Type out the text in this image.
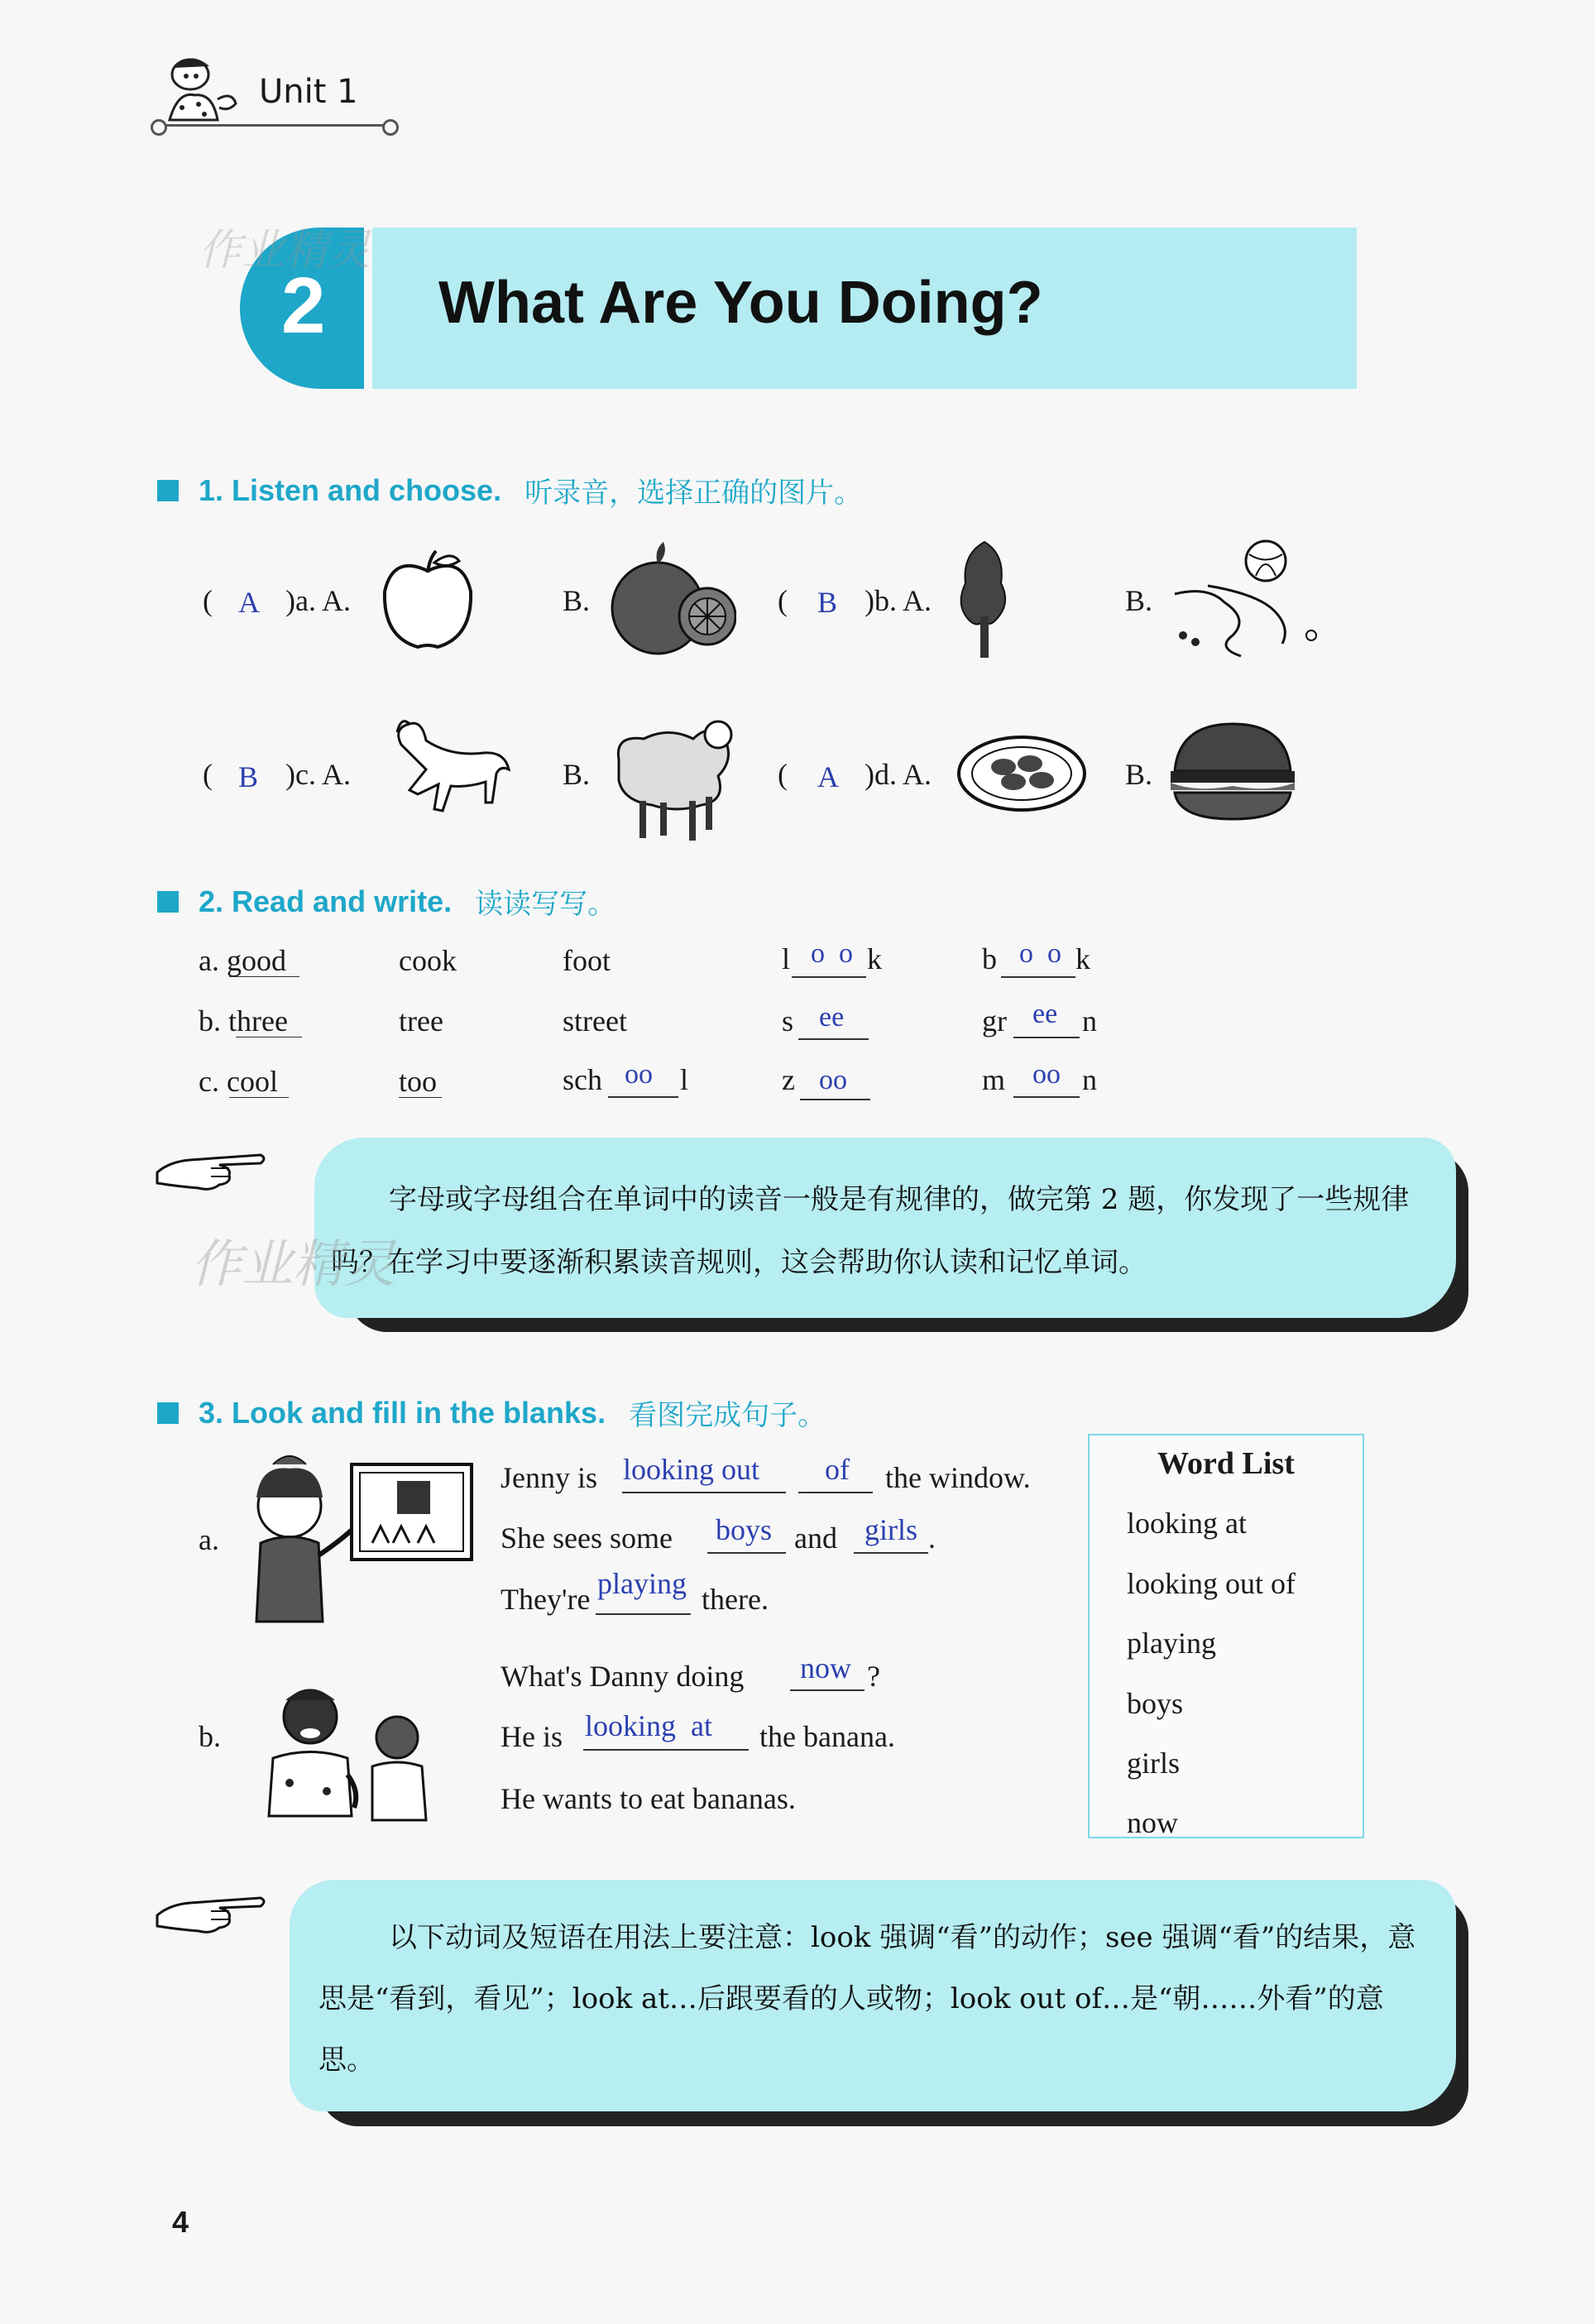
Unit 1
2 What Are You Doing?
作业精灵
1. Listen and choose. 听录音，选择正确的图片。
( A )a. A.	B.	( B )b. A.	B.
( B )c. A.	B.	( A )d. A.	B.
2. Read and write. 读读写写。
a. good	cook	foot	l o  o k	b o  o k
b. three	tree	street	s ee	gr ee n
c. cool	too	sch oo l	z oo	m oo n
字母或字母组合在单词中的读音一般是有规律的，做完第 2 题，你发现了一些规律吗？在学习中要逐渐积累读音规则，这会帮助你认读和记忆单词。
作业精灵
3. Look and fill in the blanks. 看图完成句子。
a.
Jenny is looking out of the window.
She sees some boys and girls .
They're playing there.
b.
What's Danny doing now ?
He is looking  at the banana.
He wants to eat bananas.
Word List
looking at
looking out of
playing
boys
girls
now
以下动词及短语在用法上要注意：look 强调“看”的动作；see 强调“看”的结果，意思是“看到，看见”；look at…后跟要看的人或物；look out of…是“朝……外看”的意思。
4
